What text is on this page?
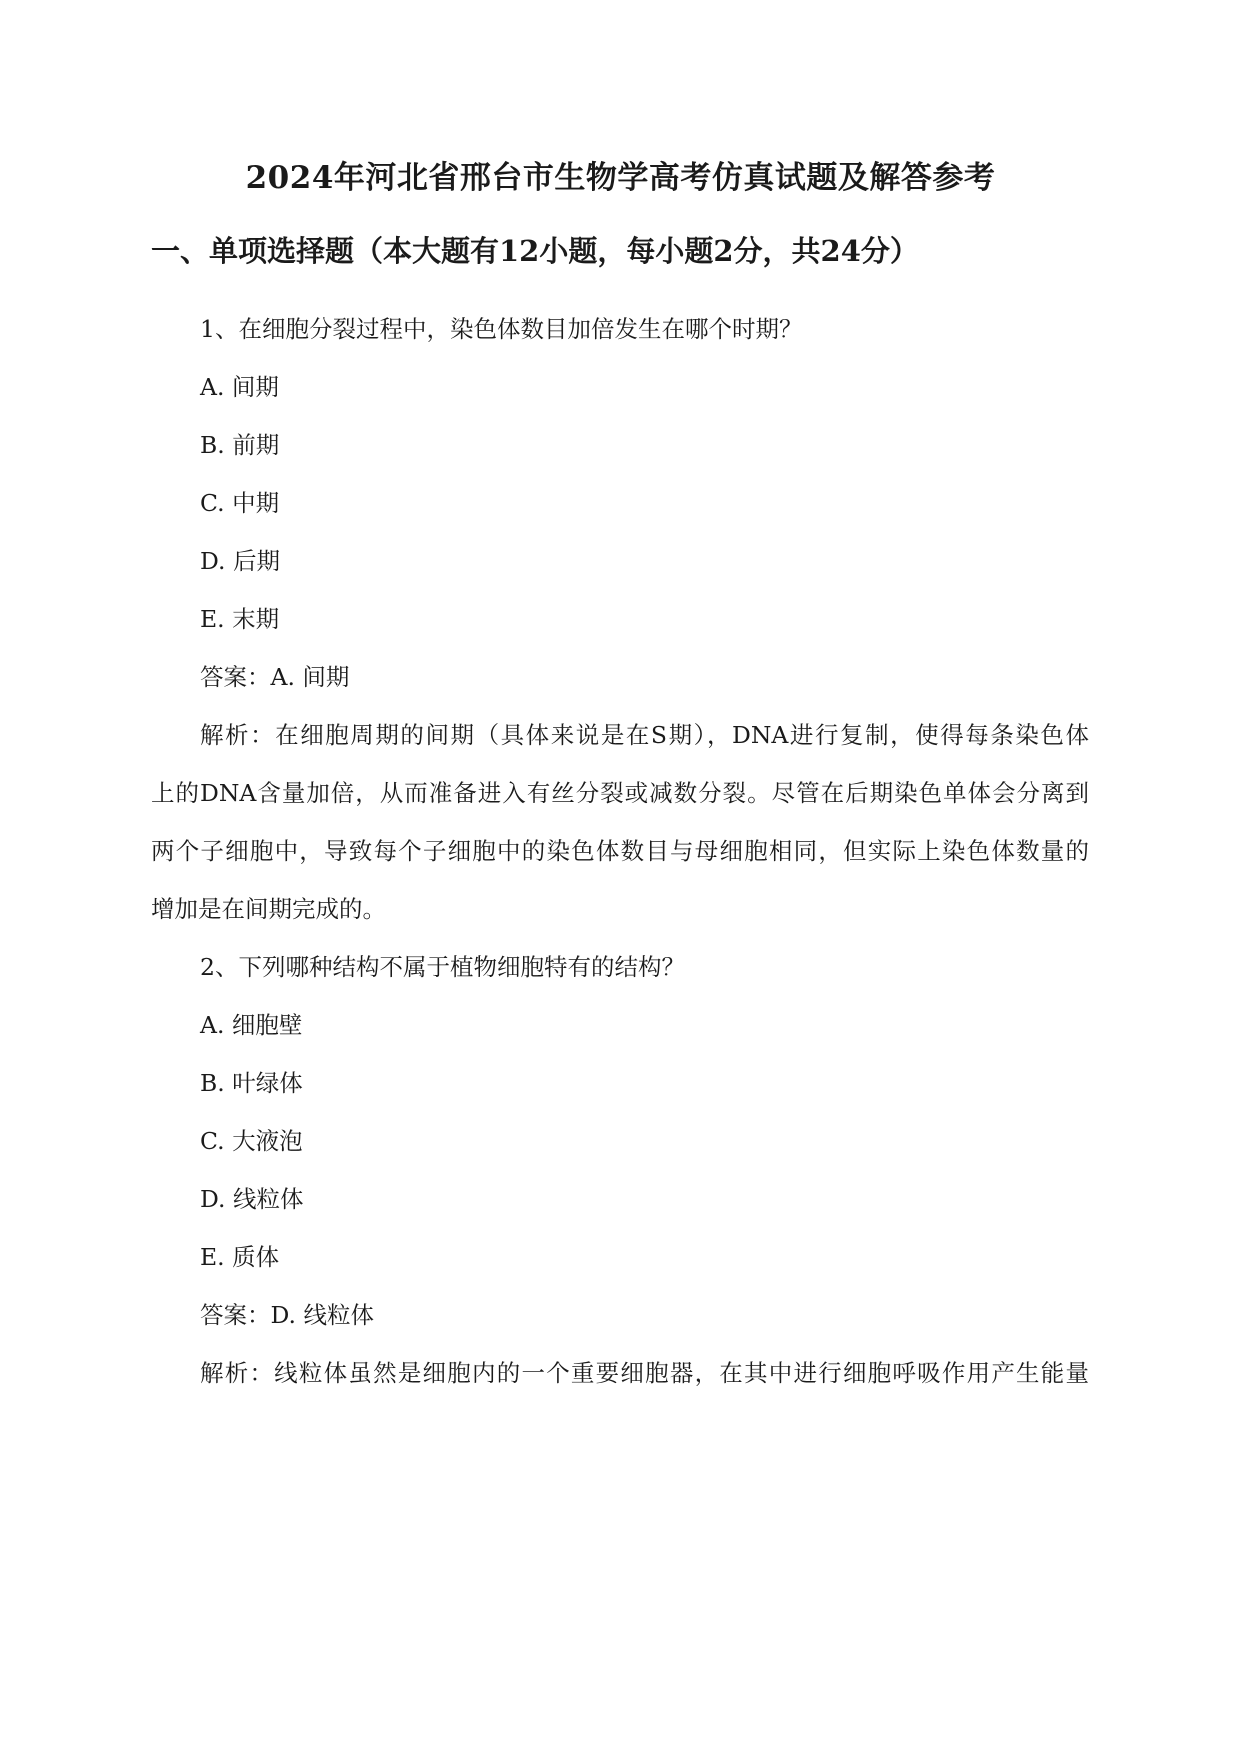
2024年河北省邢台市生物学高考仿真试题及解答参考
一、单项选择题（本大题有12小题，每小题2分，共24分）
1、在细胞分裂过程中，染色体数目加倍发生在哪个时期？
A. 间期
B. 前期
C. 中期
D. 后期
E. 末期
答案：A. 间期
解析：在细胞周期的间期（具体来说是在S期），DNA进行复制，使得每条染色体
上的DNA含量加倍，从而准备进入有丝分裂或减数分裂。尽管在后期染色单体会分离到
两个子细胞中，导致每个子细胞中的染色体数目与母细胞相同，但实际上染色体数量的
增加是在间期完成的。
2、下列哪种结构不属于植物细胞特有的结构？
A. 细胞壁
B. 叶绿体
C. 大液泡
D. 线粒体
E. 质体
答案：D. 线粒体
解析：线粒体虽然是细胞内的一个重要细胞器，在其中进行细胞呼吸作用产生能量
